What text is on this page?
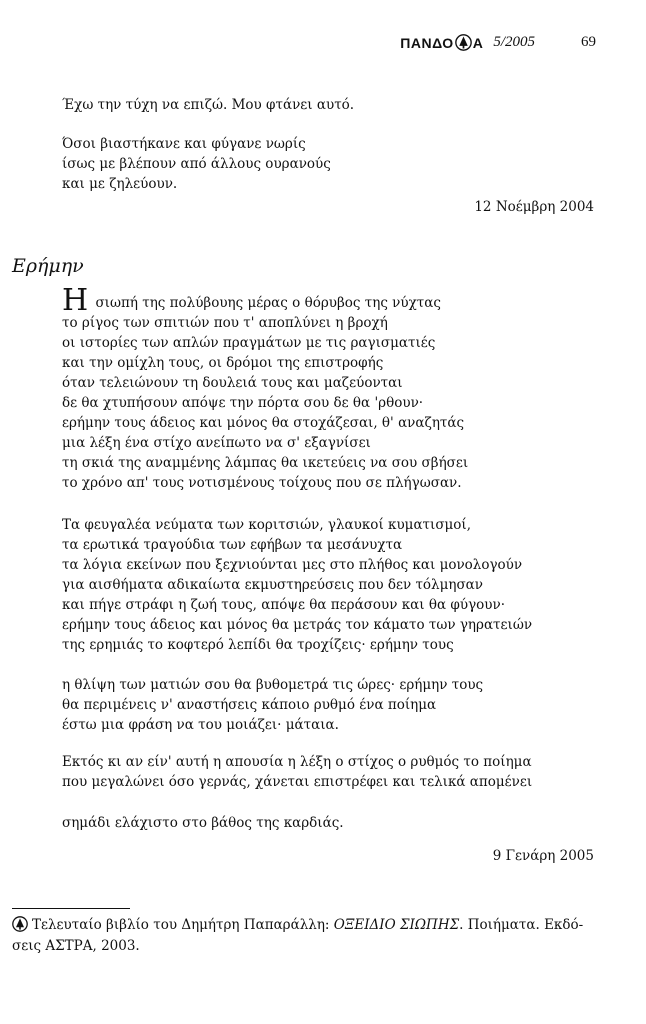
ΠΑΝΔΟ Α 5/2005	69
Έχω την τύχη να επιζώ. Μου φτάνει αυτό.
Όσοι βιαστήκανε και φύγανε νωρίς
ίσως με βλέπουν από άλλους ουρανούς
και με ζηλεύουν.
12 Νοέμβρη 2004
Ερήμην
Η σιωπή της πολύβουης μέρας ο θόρυβος της νύχτας
το ρίγος των σπιτιών που τ' αποπλύνει η βροχή
οι ιστορίες των απλών πραγμάτων με τις ραγισματιές
και την ομίχλη τους, οι δρόμοι της επιστροφής
όταν τελειώνουν τη δουλειά τους και μαζεύονται
δε θα χτυπήσουν απόψε την πόρτα σου δε θα 'ρθουν·
ερήμην τους άδειος και μόνος θα στοχάζεσαι, θ' αναζητάς
μια λέξη ένα στίχο ανείπωτο να σ' εξαγνίσει
τη σκιά της αναμμένης λάμπας θα ικετεύεις να σου σβήσει
το χρόνο απ' τους νοτισμένους τοίχους που σε πλήγωσαν.
Τα φευγαλέα νεύματα των κοριτσιών, γλαυκοί κυματισμοί,
τα ερωτικά τραγούδια των εφήβων τα μεσάνυχτα
τα λόγια εκείνων που ξεχνιούνται μες στο πλήθος και μονολογούν
για αισθήματα αδικαίωτα εκμυστηρεύσεις που δεν τόλμησαν
και πήγε στράφι η ζωή τους, απόψε θα περάσουν και θα φύγουν·
ερήμην τους άδειος και μόνος θα μετράς τον κάματο των γηρατειών
της ερημιάς το κοφτερό λεπίδι θα τροχίζεις· ερήμην τους
η θλίψη των ματιών σου θα βυθομετρά τις ώρες· ερήμην τους
θα περιμένεις ν' αναστήσεις κάποιο ρυθμό ένα ποίημα
έστω μια φράση να του μοιάζει· μάταια.
Εκτός κι αν είν' αυτή η απουσία η λέξη ο στίχος ο ρυθμός το ποίημα
που μεγαλώνει όσο γερνάς, χάνεται επιστρέφει και τελικά απομένει
σημάδι ελάχιστο στο βάθος της καρδιάς.
9 Γενάρη 2005
Τελευταίο βιβλίο του Δημήτρη Παπαράλλη: ΟΞΕΙΔΙΟ ΣΙΩΠΗΣ. Ποιήματα. Εκδό-
σεις ΑΣΤΡΑ, 2003.
